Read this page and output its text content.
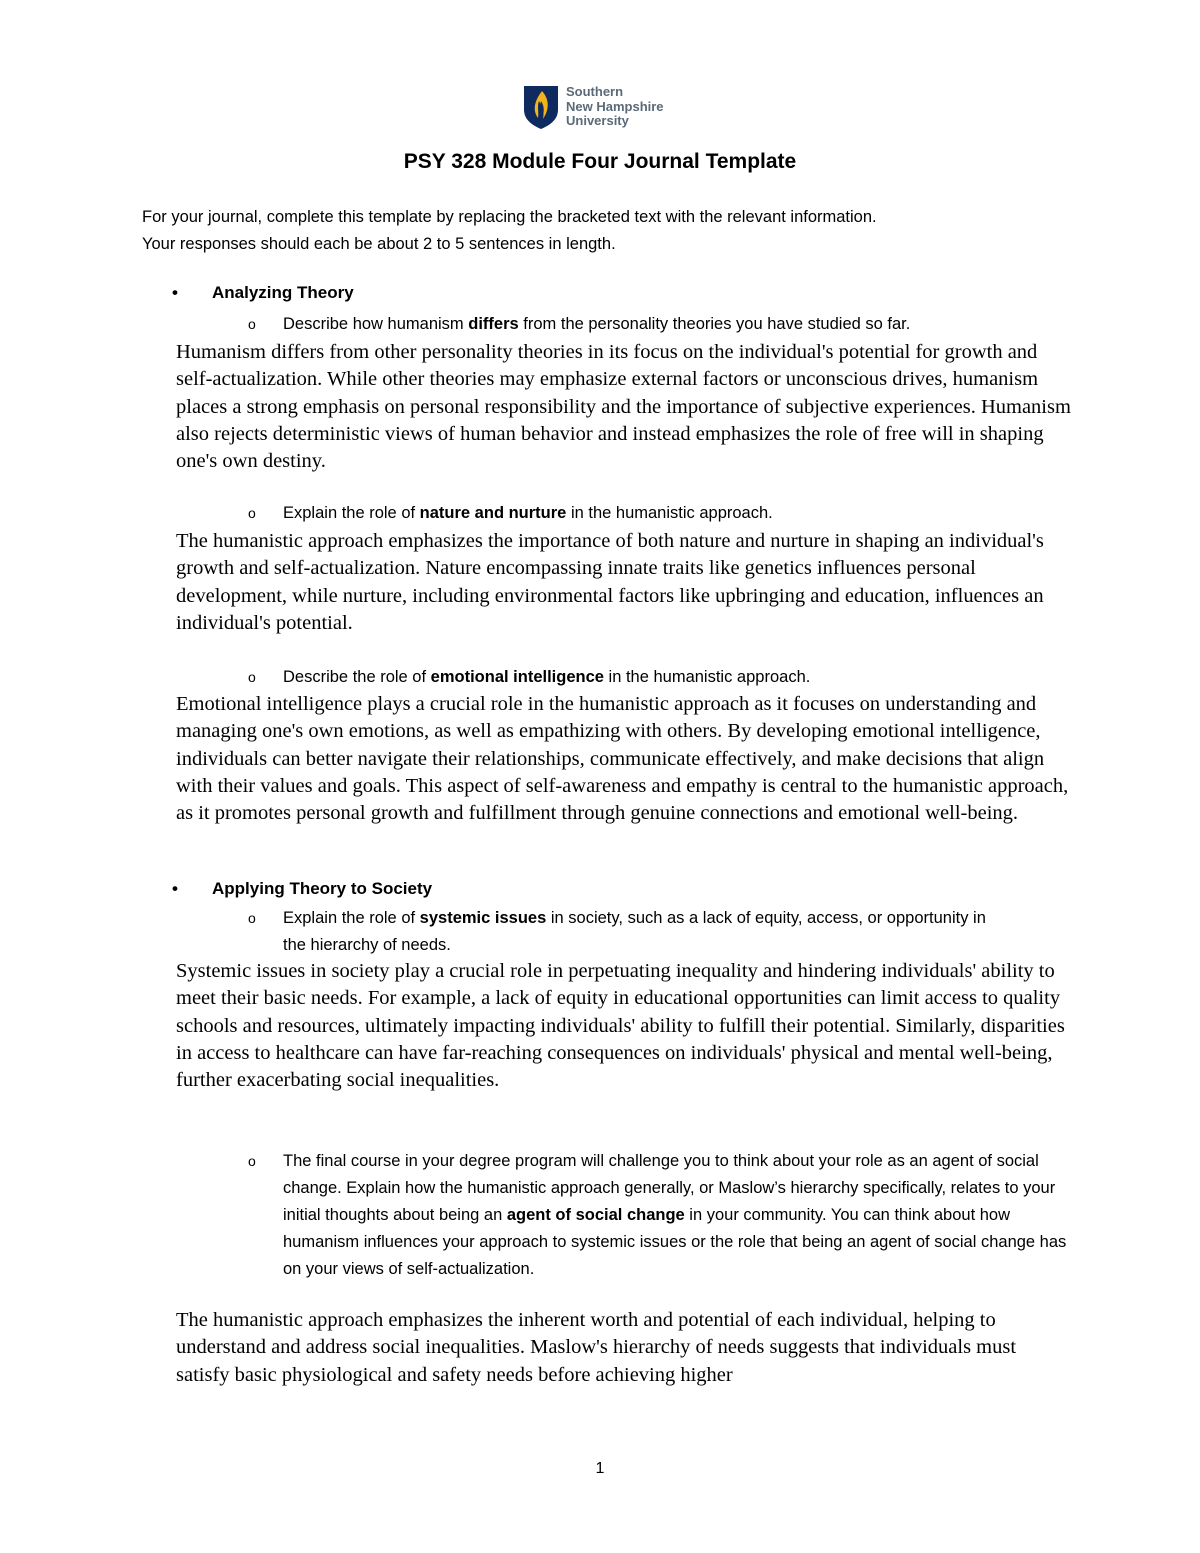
Southern
New Hampshire
University
PSY 328 Module Four Journal Template
For your journal, complete this template by replacing the bracketed text with the relevant information.
Your responses should each be about 2 to 5 sentences in length.
• Analyzing Theory
o Describe how humanism differs from the personality theories you have studied so far.
Humanism differs from other personality theories in its focus on the individual's potential for growth and self-actualization. While other theories may emphasize external factors or unconscious drives, humanism places a strong emphasis on personal responsibility and the importance of subjective experiences. Humanism also rejects deterministic views of human behavior and instead emphasizes the role of free will in shaping one's own destiny.
o Explain the role of nature and nurture in the humanistic approach.
The humanistic approach emphasizes the importance of both nature and nurture in shaping an individual's growth and self-actualization. Nature encompassing innate traits like genetics influences personal development, while nurture, including environmental factors like upbringing and education, influences an individual's potential.
o Describe the role of emotional intelligence in the humanistic approach.
Emotional intelligence plays a crucial role in the humanistic approach as it focuses on understanding and managing one's own emotions, as well as empathizing with others. By developing emotional intelligence, individuals can better navigate their relationships, communicate effectively, and make decisions that align with their values and goals. This aspect of self-awareness and empathy is central to the humanistic approach, as it promotes personal growth and fulfillment through genuine connections and emotional well-being.
• Applying Theory to Society
o Explain the role of systemic issues in society, such as a lack of equity, access, or opportunity in the hierarchy of needs.
Systemic issues in society play a crucial role in perpetuating inequality and hindering individuals' ability to meet their basic needs. For example, a lack of equity in educational opportunities can limit access to quality schools and resources, ultimately impacting individuals' ability to fulfill their potential. Similarly, disparities in access to healthcare can have far-reaching consequences on individuals' physical and mental well-being, further exacerbating social inequalities.
o The final course in your degree program will challenge you to think about your role as an agent of social change. Explain how the humanistic approach generally, or Maslow’s hierarchy specifically, relates to your initial thoughts about being an agent of social change in your community. You can think about how humanism influences your approach to systemic issues or the role that being an agent of social change has on your views of self-actualization.
The humanistic approach emphasizes the inherent worth and potential of each individual, helping to understand and address social inequalities. Maslow's hierarchy of needs suggests that individuals must satisfy basic physiological and safety needs before achieving higher
1
